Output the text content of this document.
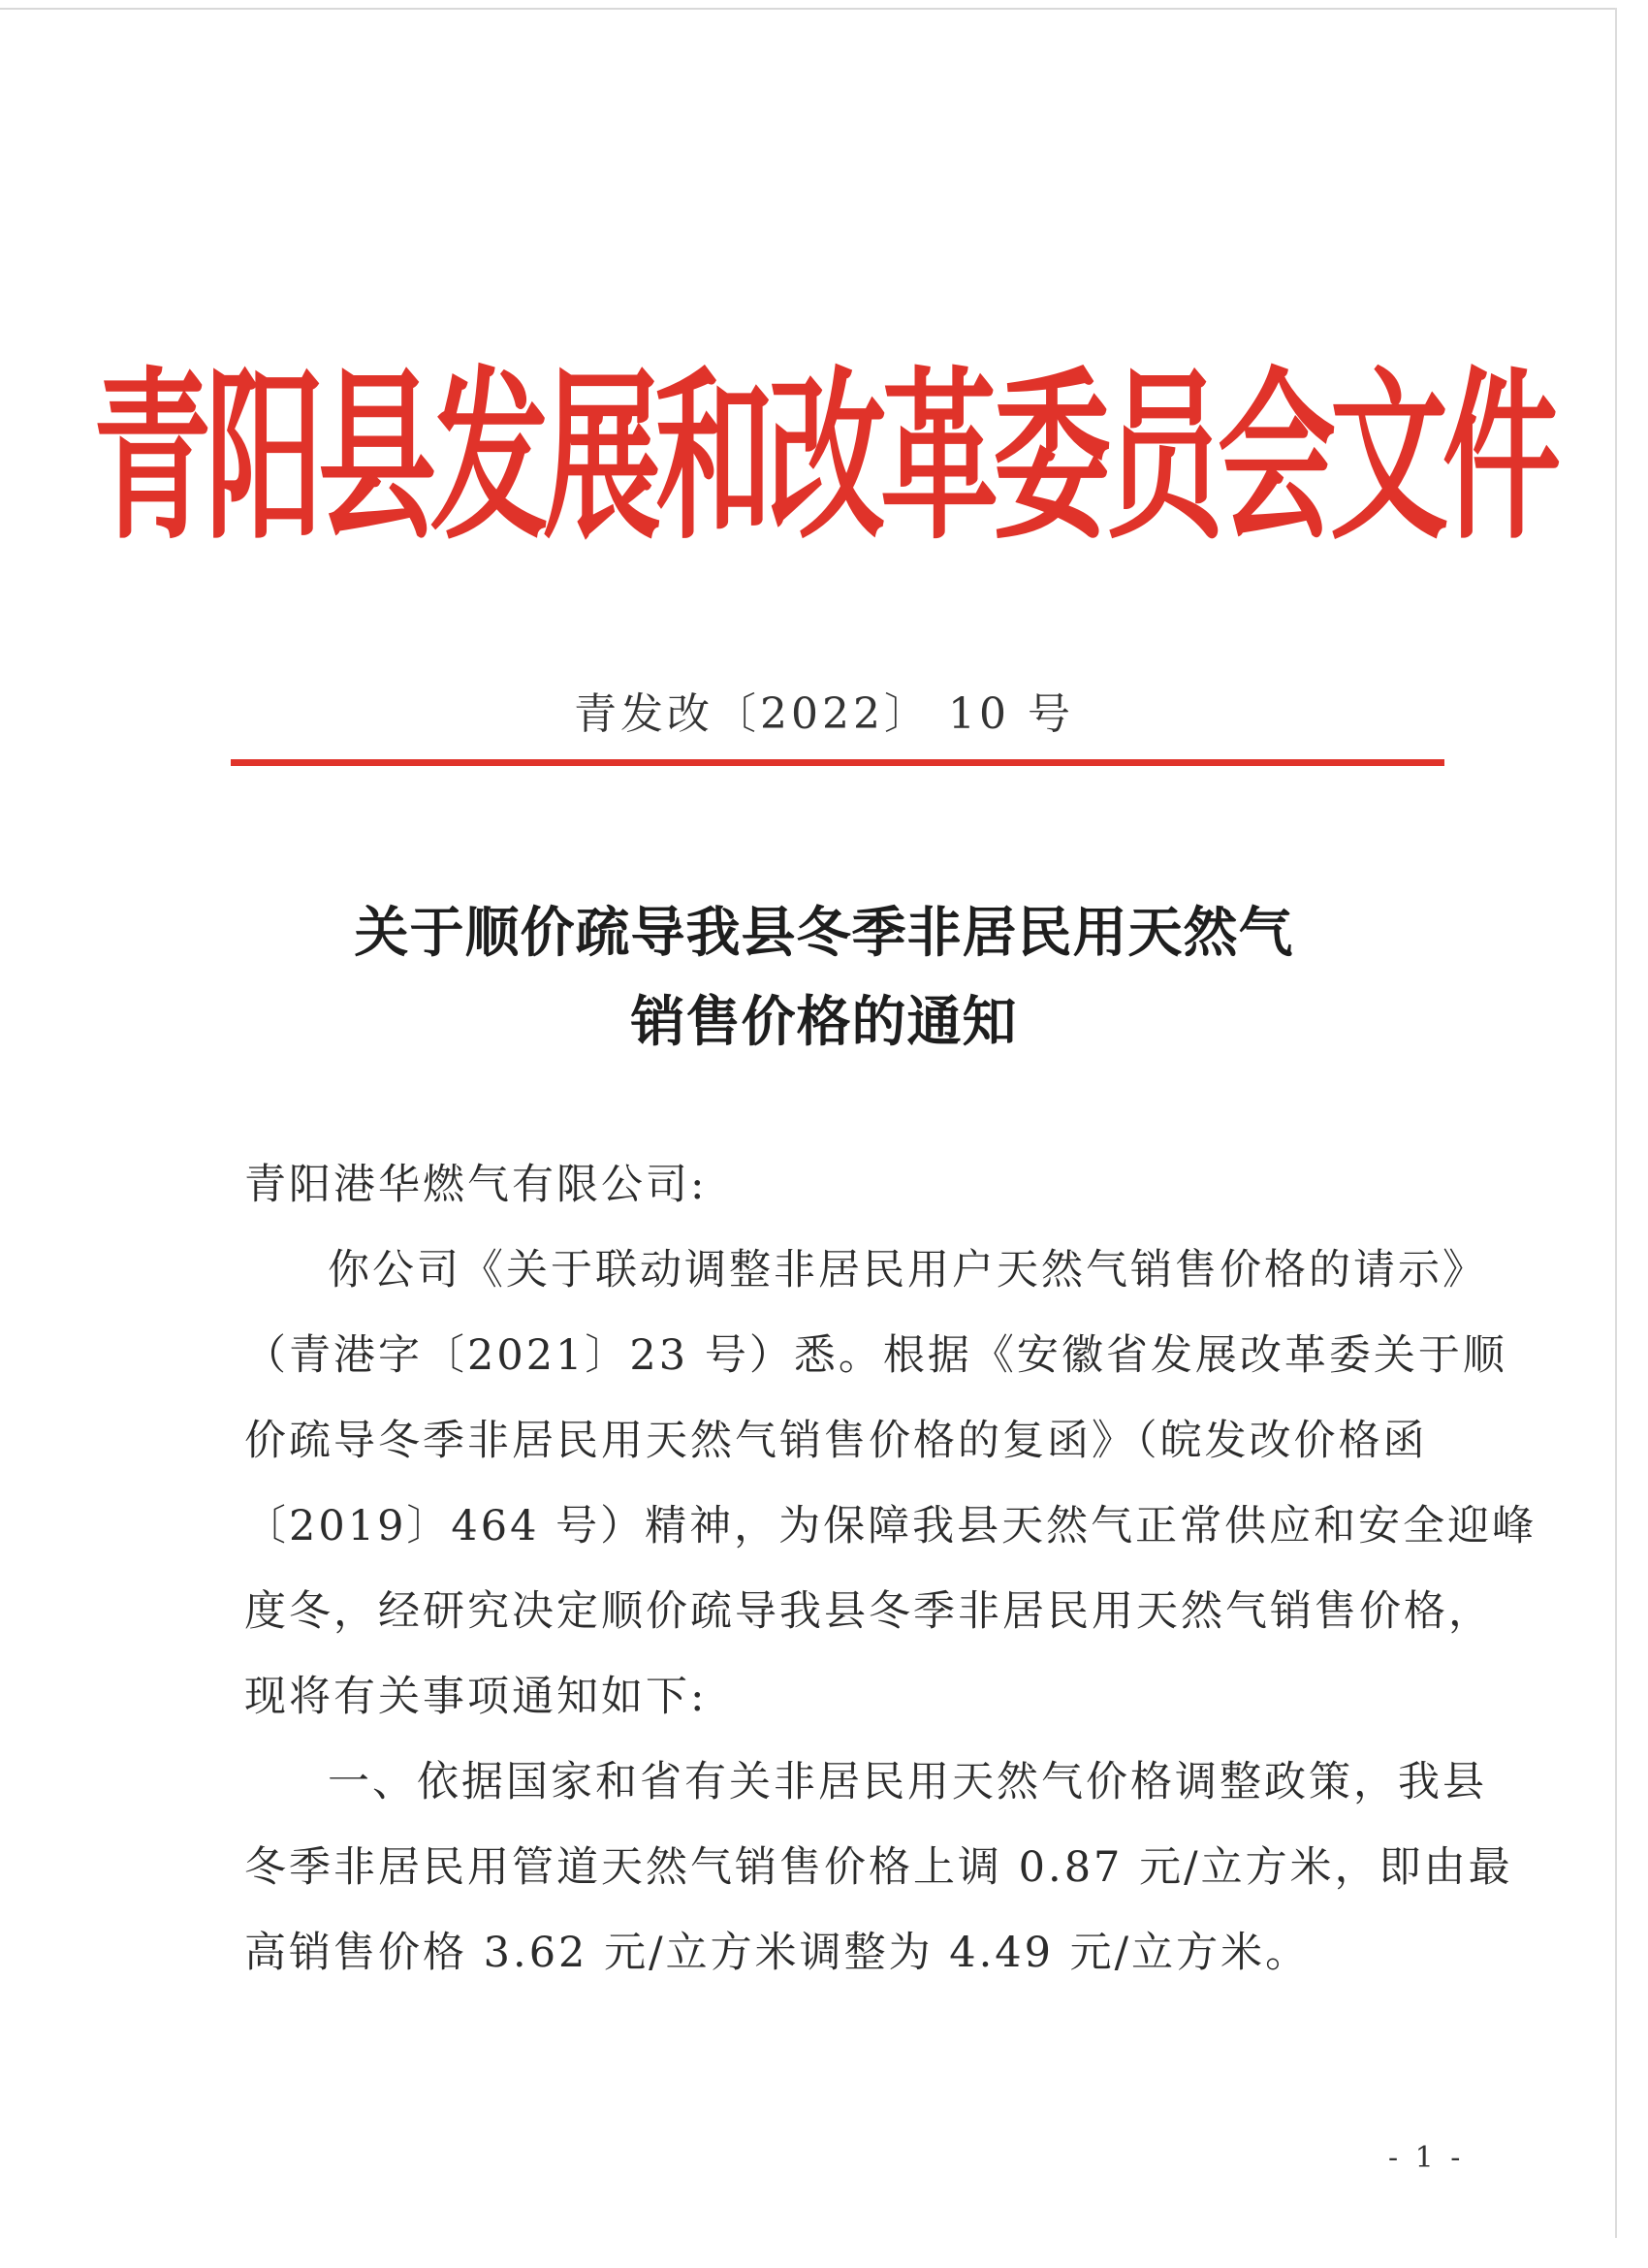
青阳县发展和改革委员会文件
青发改〔2022〕 10 号
关于顺价疏导我县冬季非居民用天然气
销售价格的通知
青阳港华燃气有限公司:
你公司《关于联动调整非居民用户天然气销售价格的请示》
（青港字〔2021〕23 号）悉。根据《安徽省发展改革委关于顺
价疏导冬季非居民用天然气销售价格的复函》（皖发改价格函
〔2019〕464 号）精神，为保障我县天然气正常供应和安全迎峰
度冬，经研究决定顺价疏导我县冬季非居民用天然气销售价格，
现将有关事项通知如下:
一、依据国家和省有关非居民用天然气价格调整政策，我县
冬季非居民用管道天然气销售价格上调 0.87 元/立方米，即由最
高销售价格 3.62 元/立方米调整为 4.49 元/立方米。
- 1 -
